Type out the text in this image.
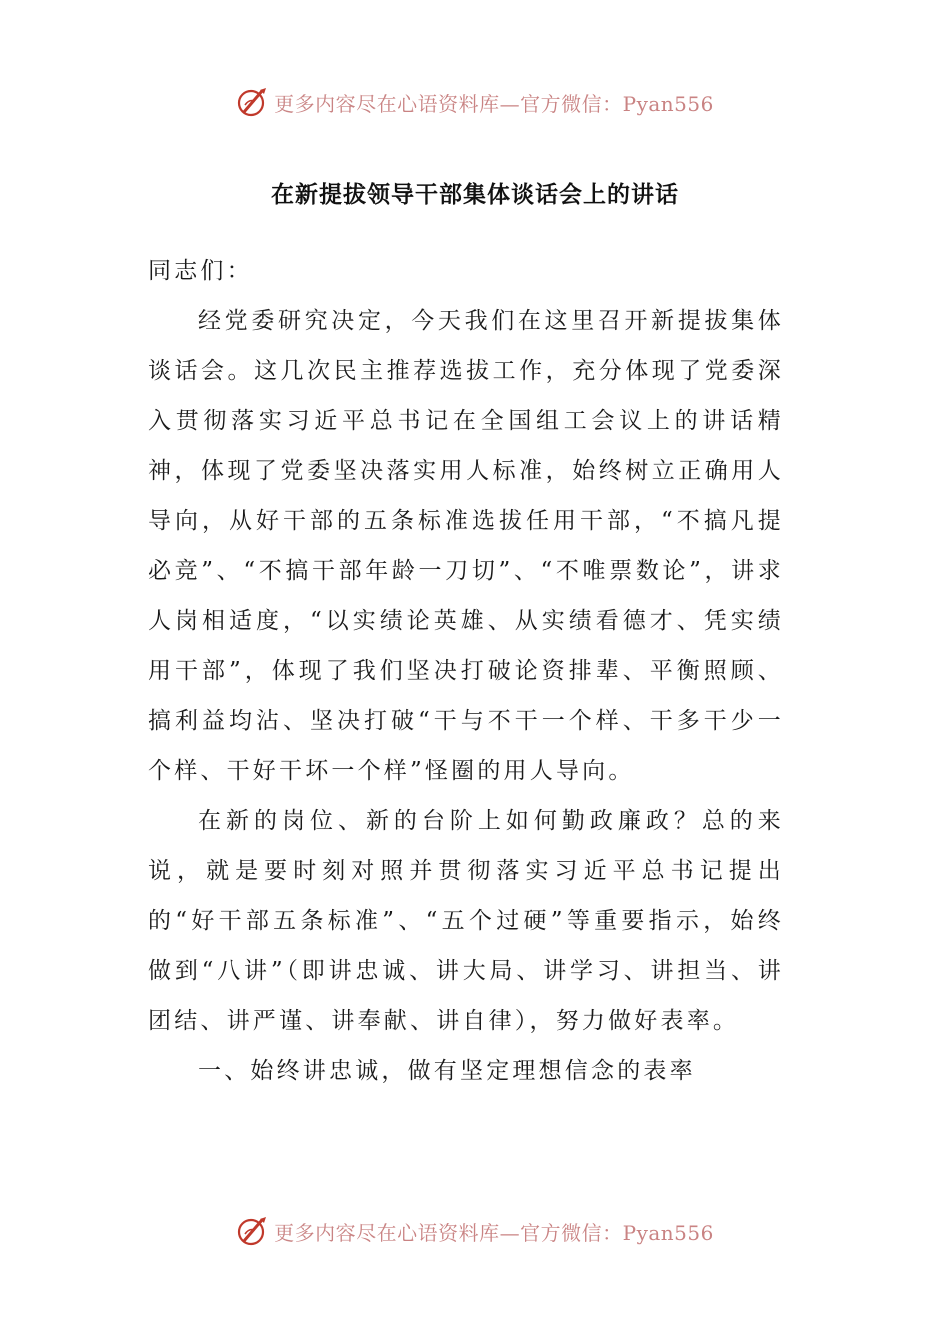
更多内容尽在心语资料库—官方微信：Pyan556
在新提拔领导干部集体谈话会上的讲话

同志们：

经党委研究决定，今天我们在这里召开新提拔集体谈话会。这几次民主推荐选拔工作，充分体现了党委深入贯彻落实习近平总书记在全国组工会议上的讲话精神，体现了党委坚决落实用人标准，始终树立正确用人导向，从好干部的五条标准选拔任用干部，“不搞凡提必竞”、“不搞干部年龄一刀切”、“不唯票数论”，讲求人岗相适度，“以实绩论英雄、从实绩看德才、凭实绩用干部”，体现了我们坚决打破论资排辈、平衡照顾、搞利益均沾、坚决打破“干与不干一个样、干多干少一个样、干好干坏一个样”怪圈的用人导向。

在新的岗位、新的台阶上如何勤政廉政？总的来说，就是要时刻对照并贯彻落实习近平总书记提出的“好干部五条标准”、“五个过硬”等重要指示，始终做到“八讲”（即讲忠诚、讲大局、讲学习、讲担当、讲团结、讲严谨、讲奉献、讲自律），努力做好表率。

一、始终讲忠诚，做有坚定理想信念的表率

更多内容尽在心语资料库—官方微信：Pyan556
